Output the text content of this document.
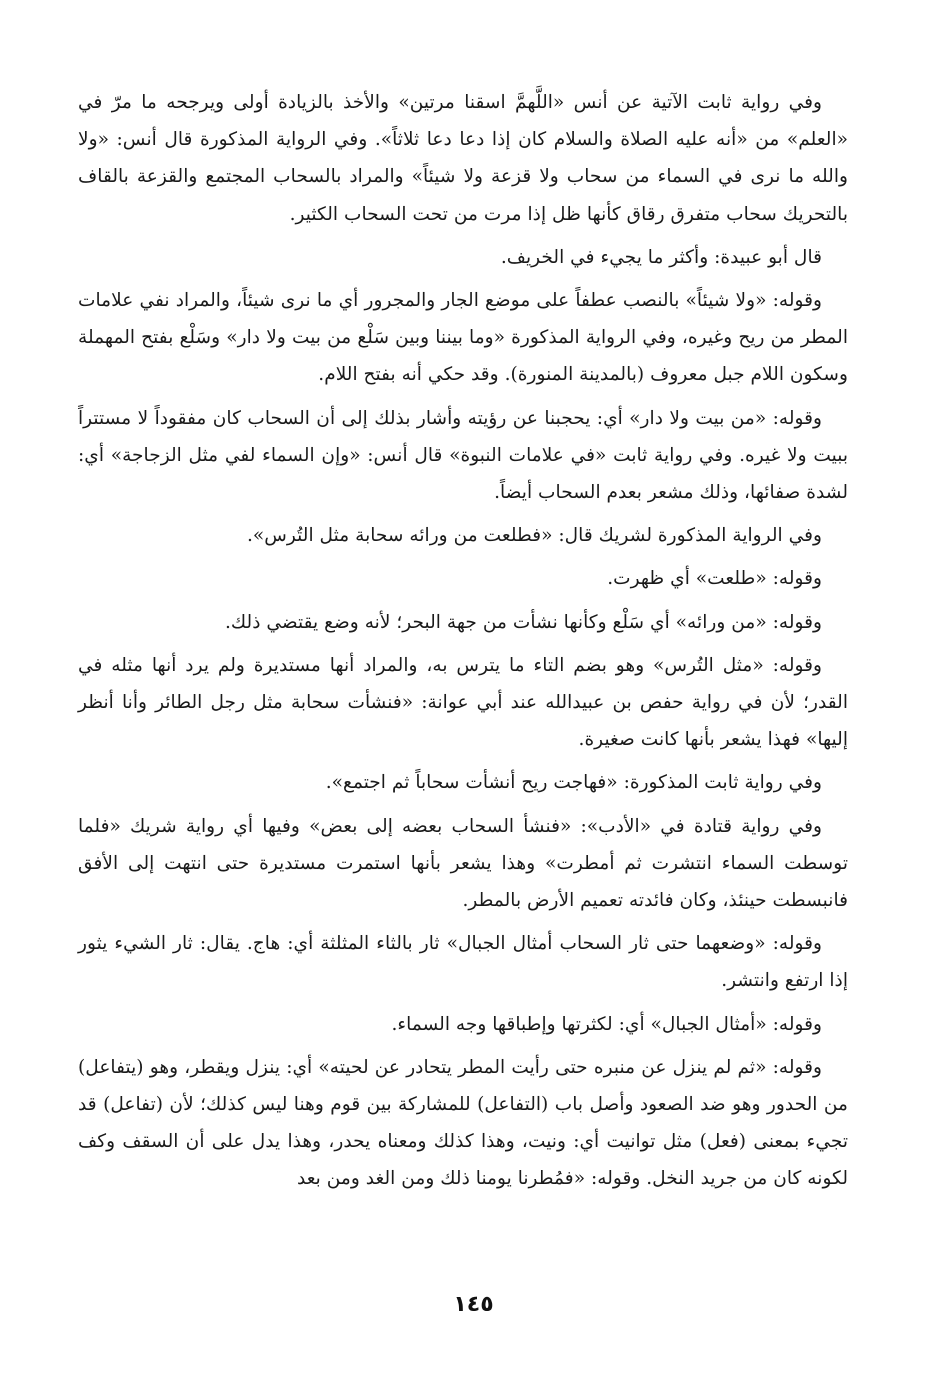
وفي رواية ثابت الآتية عن أنس «اللَّهمَّ اسقنا مرتين» والأخذ بالزيادة أولى ويرجحه ما مرّ في «العلم» من «أنه عليه الصلاة والسلام كان إذا دعا دعا ثلاثاً». وفي الرواية المذكورة قال أنس: «ولا والله ما نرى في السماء من سحاب ولا قزعة ولا شيئاً» والمراد بالسحاب المجتمع والقزعة بالقاف بالتحريك سحاب متفرق رقاق كأنها ظل إذا مرت من تحت السحاب الكثير.

قال أبو عبيدة: وأكثر ما يجيء في الخريف.

وقوله: «ولا شيئاً» بالنصب عطفاً على موضع الجار والمجرور أي ما نرى شيئاً، والمراد نفي علامات المطر من ريح وغيره، وفي الرواية المذكورة «وما بيننا وبين سَلْع من بيت ولا دار» وسَلْع بفتح المهملة وسكون اللام جبل معروف (بالمدينة المنورة). وقد حكي أنه بفتح اللام.

وقوله: «من بيت ولا دار» أي: يحجبنا عن رؤيته وأشار بذلك إلى أن السحاب كان مفقوداً لا مستتراً ببيت ولا غيره. وفي رواية ثابت «في علامات النبوة» قال أنس: «وإن السماء لفي مثل الزجاجة» أي: لشدة صفائها، وذلك مشعر بعدم السحاب أيضاً.

وفي الرواية المذكورة لشريك قال: «فطلعت من ورائه سحابة مثل التُرس».

وقوله: «طلعت» أي ظهرت.

وقوله: «من ورائه» أي سَلْع وكأنها نشأت من جهة البحر؛ لأنه وضع يقتضي ذلك.

وقوله: «مثل التُرس» وهو بضم التاء ما يترس به، والمراد أنها مستديرة ولم يرد أنها مثله في القدر؛ لأن في رواية حفص بن عبيدالله عند أبي عوانة: «فنشأت سحابة مثل رجل الطائر وأنا أنظر إليها» فهذا يشعر بأنها كانت صغيرة.

وفي رواية ثابت المذكورة: «فهاجت ريح أنشأت سحاباً ثم اجتمع».

وفي رواية قتادة في «الأدب»: «فنشأ السحاب بعضه إلى بعض» وفيها أي رواية شريك «فلما توسطت السماء انتشرت ثم أمطرت» وهذا يشعر بأنها استمرت مستديرة حتى انتهت إلى الأفق فانبسطت حينئذ، وكان فائدته تعميم الأرض بالمطر.

وقوله: «وضعهما حتى ثار السحاب أمثال الجبال» ثار بالثاء المثلثة أي: هاج. يقال: ثار الشيء يثور إذا ارتفع وانتشر.

وقوله: «أمثال الجبال» أي: لكثرتها وإطباقها وجه السماء.

وقوله: «ثم لم ينزل عن منبره حتى رأيت المطر يتحادر عن لحيته» أي: ينزل ويقطر، وهو (يتفاعل) من الحدور وهو ضد الصعود وأصل باب (التفاعل) للمشاركة بين قوم وهنا ليس كذلك؛ لأن (تفاعل) قد تجيء بمعنى (فعل) مثل توانيت أي: ونيت، وهذا كذلك ومعناه يحدر، وهذا يدل على أن السقف وكف لكونه كان من جريد النخل. وقوله: «فمُطرنا يومنا ذلك ومن الغد ومن بعد

١٤٥
